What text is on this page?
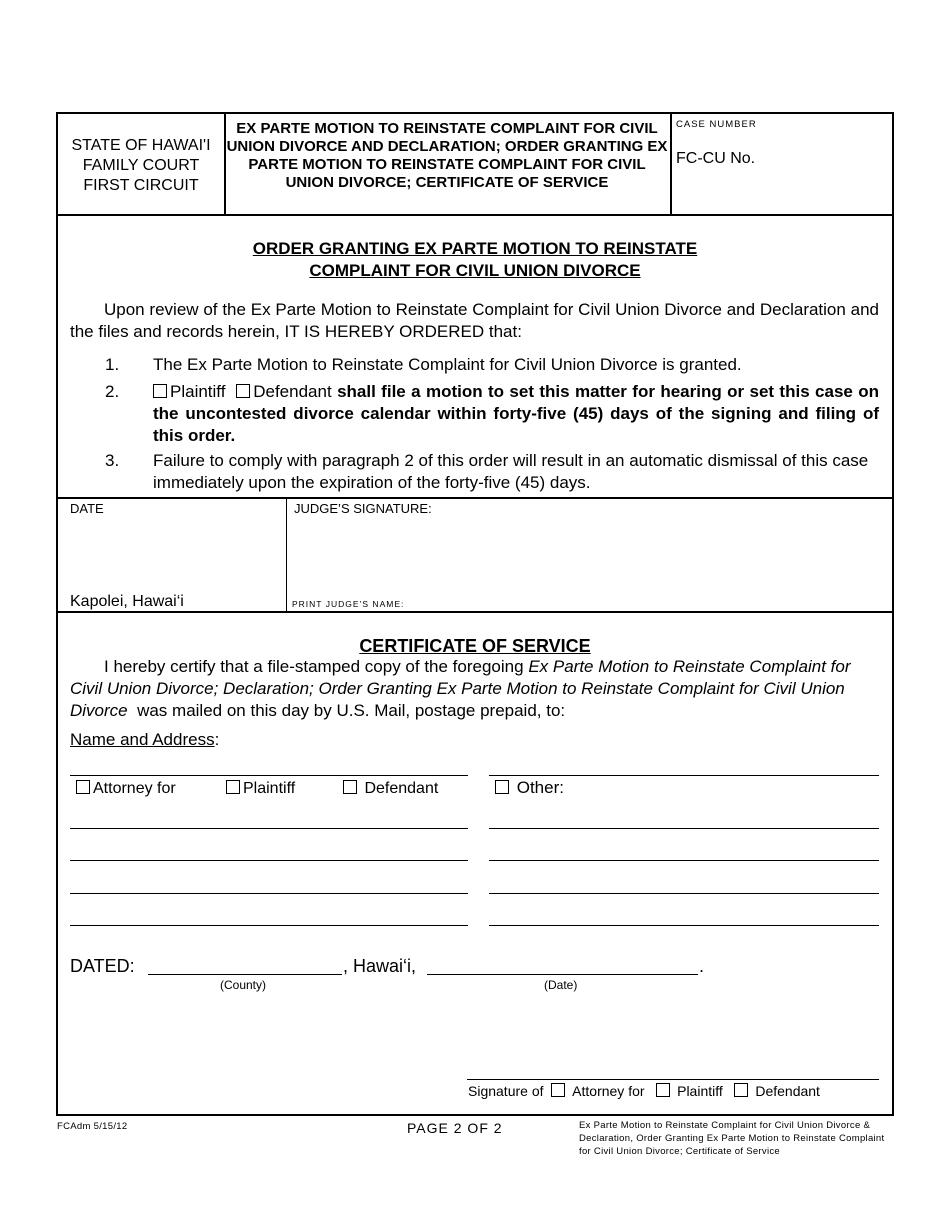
STATE OF HAWAI'I
FAMILY COURT
FIRST CIRCUIT
EX PARTE MOTION TO REINSTATE COMPLAINT FOR CIVIL UNION DIVORCE AND DECLARATION; ORDER GRANTING EX PARTE MOTION TO REINSTATE COMPLAINT FOR CIVIL UNION DIVORCE; CERTIFICATE OF SERVICE
CASE NUMBER
FC-CU No.
ORDER GRANTING EX PARTE MOTION TO REINSTATE
COMPLAINT FOR CIVIL UNION DIVORCE
Upon review of the Ex Parte Motion to Reinstate Complaint for Civil Union Divorce and Declaration and the files and records herein, IT IS HEREBY ORDERED that:
1. The Ex Parte Motion to Reinstate Complaint for Civil Union Divorce is granted.
2.	Plaintiff Defendant shall file a motion to set this matter for hearing or set this case on the uncontested divorce calendar within forty-five (45) days of the signing and filing of this order.
3. Failure to comply with paragraph 2 of this order will result in an automatic dismissal of this case immediately upon the expiration of the forty-five (45) days.
DATE
Kapolei, Hawai‘i
JUDGE’S SIGNATURE:
PRINT JUDGE’S NAME:
CERTIFICATE OF SERVICE
I hereby certify that a file-stamped copy of the foregoing Ex Parte Motion to Reinstate Complaint for Civil Union Divorce; Declaration; Order Granting Ex Parte Motion to Reinstate Complaint for Civil Union Divorce was mailed on this day by U.S. Mail, postage prepaid, to:
Name and Address:
Attorney for	Plaintiff	Defendant	Other:
DATED:	, Hawai‘i,	.
(County)	(Date)
Signature of Attorney for Plaintiff Defendant
FCAdm 5/15/12	PAGE 2 OF 2	Ex Parte Motion to Reinstate Complaint for Civil Union Divorce & Declaration, Order Granting Ex Parte Motion to Reinstate Complaint for Civil Union Divorce; Certificate of Service
